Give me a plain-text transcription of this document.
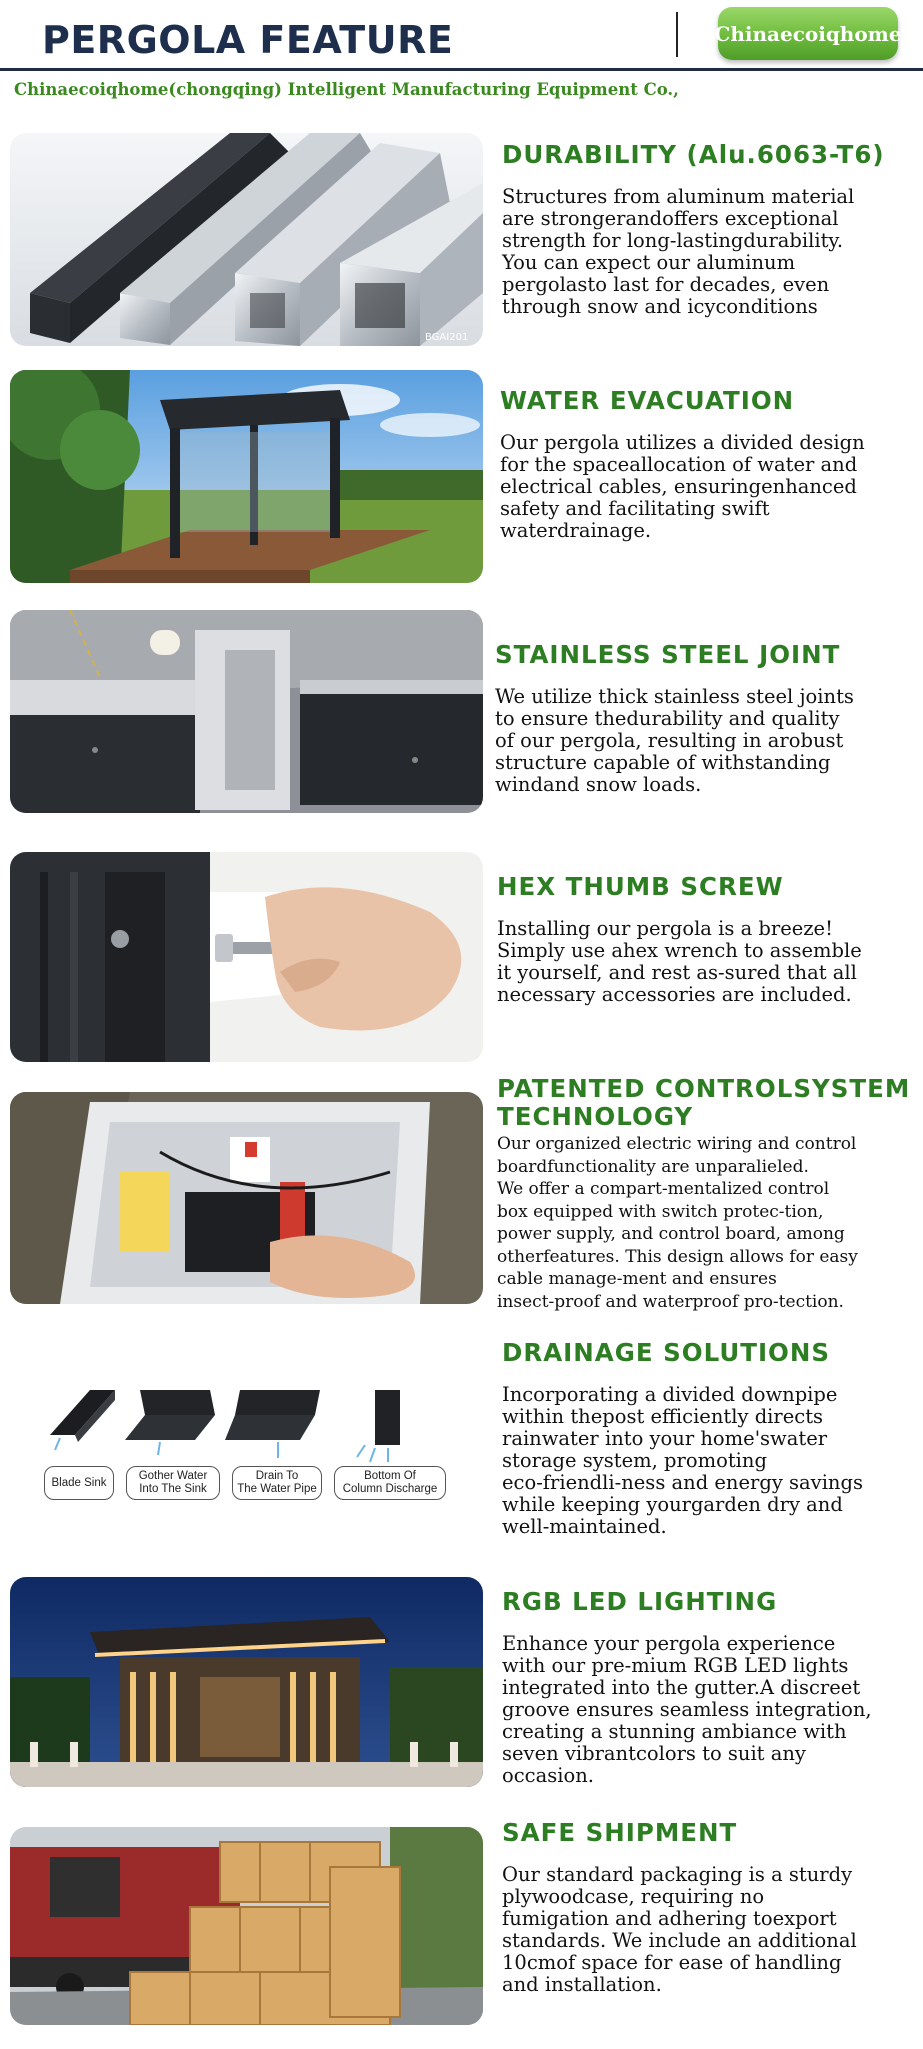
PERGOLA FEATURE	Chinaecoiqhome
Chinaecoiqhome(chongqing) Intelligent Manufacturing Equipment Co.,
BGAI201
DURABILITY (Alu.6063-T6)
Structures from aluminum material
are strongerandoffers exceptional
strength for long-lastingdurability.
You can expect our aluminum
pergolasto last for decades, even
through snow and icyconditions
WATER EVACUATION
Our pergola utilizes a divided design
for the spaceallocation of water and
electrical cables, ensuringenhanced
safety and facilitating swift
waterdrainage.
STAINLESS STEEL JOINT
We utilize thick stainless steel joints
to ensure thedurability and quality
of our pergola, resulting in arobust
structure capable of withstanding
windand snow loads.
HEX THUMB SCREW
Installing our pergola is a breeze!
Simply use ahex wrench to assemble
it yourself, and rest as-sured that all
necessary accessories are included.
PATENTED CONTROLSYSTEM
TECHNOLOGY
Our organized electric wiring and control
boardfunctionality are unparalieled.
We offer a compart-mentalized control
box equipped with switch protec-tion,
power supply, and control board, among
otherfeatures. This design allows for easy
cable manage-ment and ensures
insect-proof and waterproof pro-tection.
Blade Sink
Gother Water
Into The Sink
Drain To
The Water Pipe
Bottom Of
Column Discharge
DRAINAGE SOLUTIONS
Incorporating a divided downpipe
within thepost efficiently directs
rainwater into your home'swater
storage system, promoting
eco-friendli-ness and energy savings
while keeping yourgarden dry and
well-maintained.
RGB LED LIGHTING
Enhance your pergola experience
with our pre-mium RGB LED lights
integrated into the gutter.A discreet
groove ensures seamless integration,
creating a stunning ambiance with
seven vibrantcolors to suit any
occasion.
SAFE SHIPMENT
Our standard packaging is a sturdy
plywoodcase, requiring no
fumigation and adhering toexport
standards. We include an additional
10cmof space for ease of handling
and installation.
